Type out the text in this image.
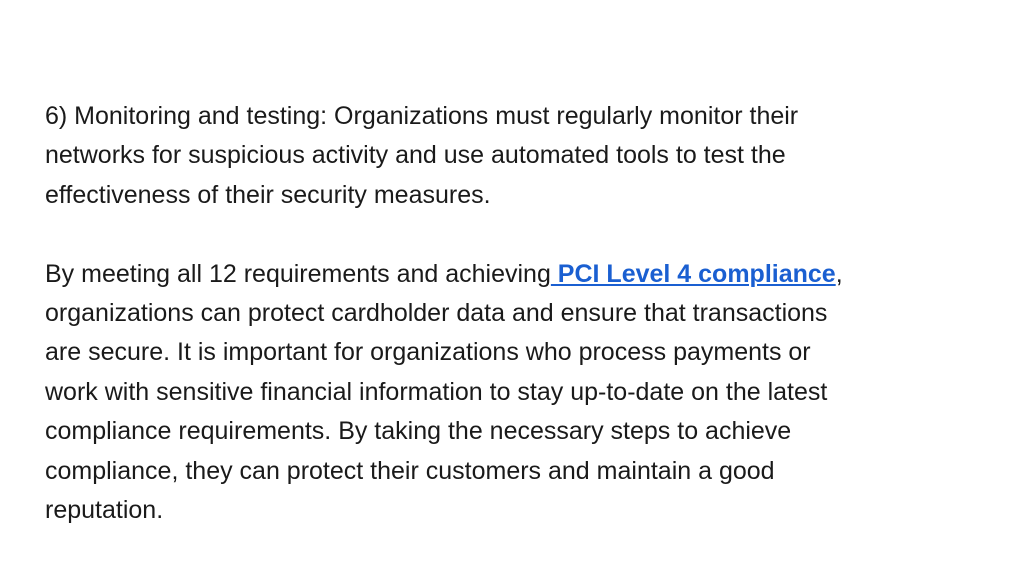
6) Monitoring and testing: Organizations must regularly monitor their
networks for suspicious activity and use automated tools to test the
effectiveness of their security measures.
By meeting all 12 requirements and achieving PCI Level 4 compliance,
organizations can protect cardholder data and ensure that transactions
are secure. It is important for organizations who process payments or
work with sensitive financial information to stay up-to-date on the latest
compliance requirements. By taking the necessary steps to achieve
compliance, they can protect their customers and maintain a good
reputation.
